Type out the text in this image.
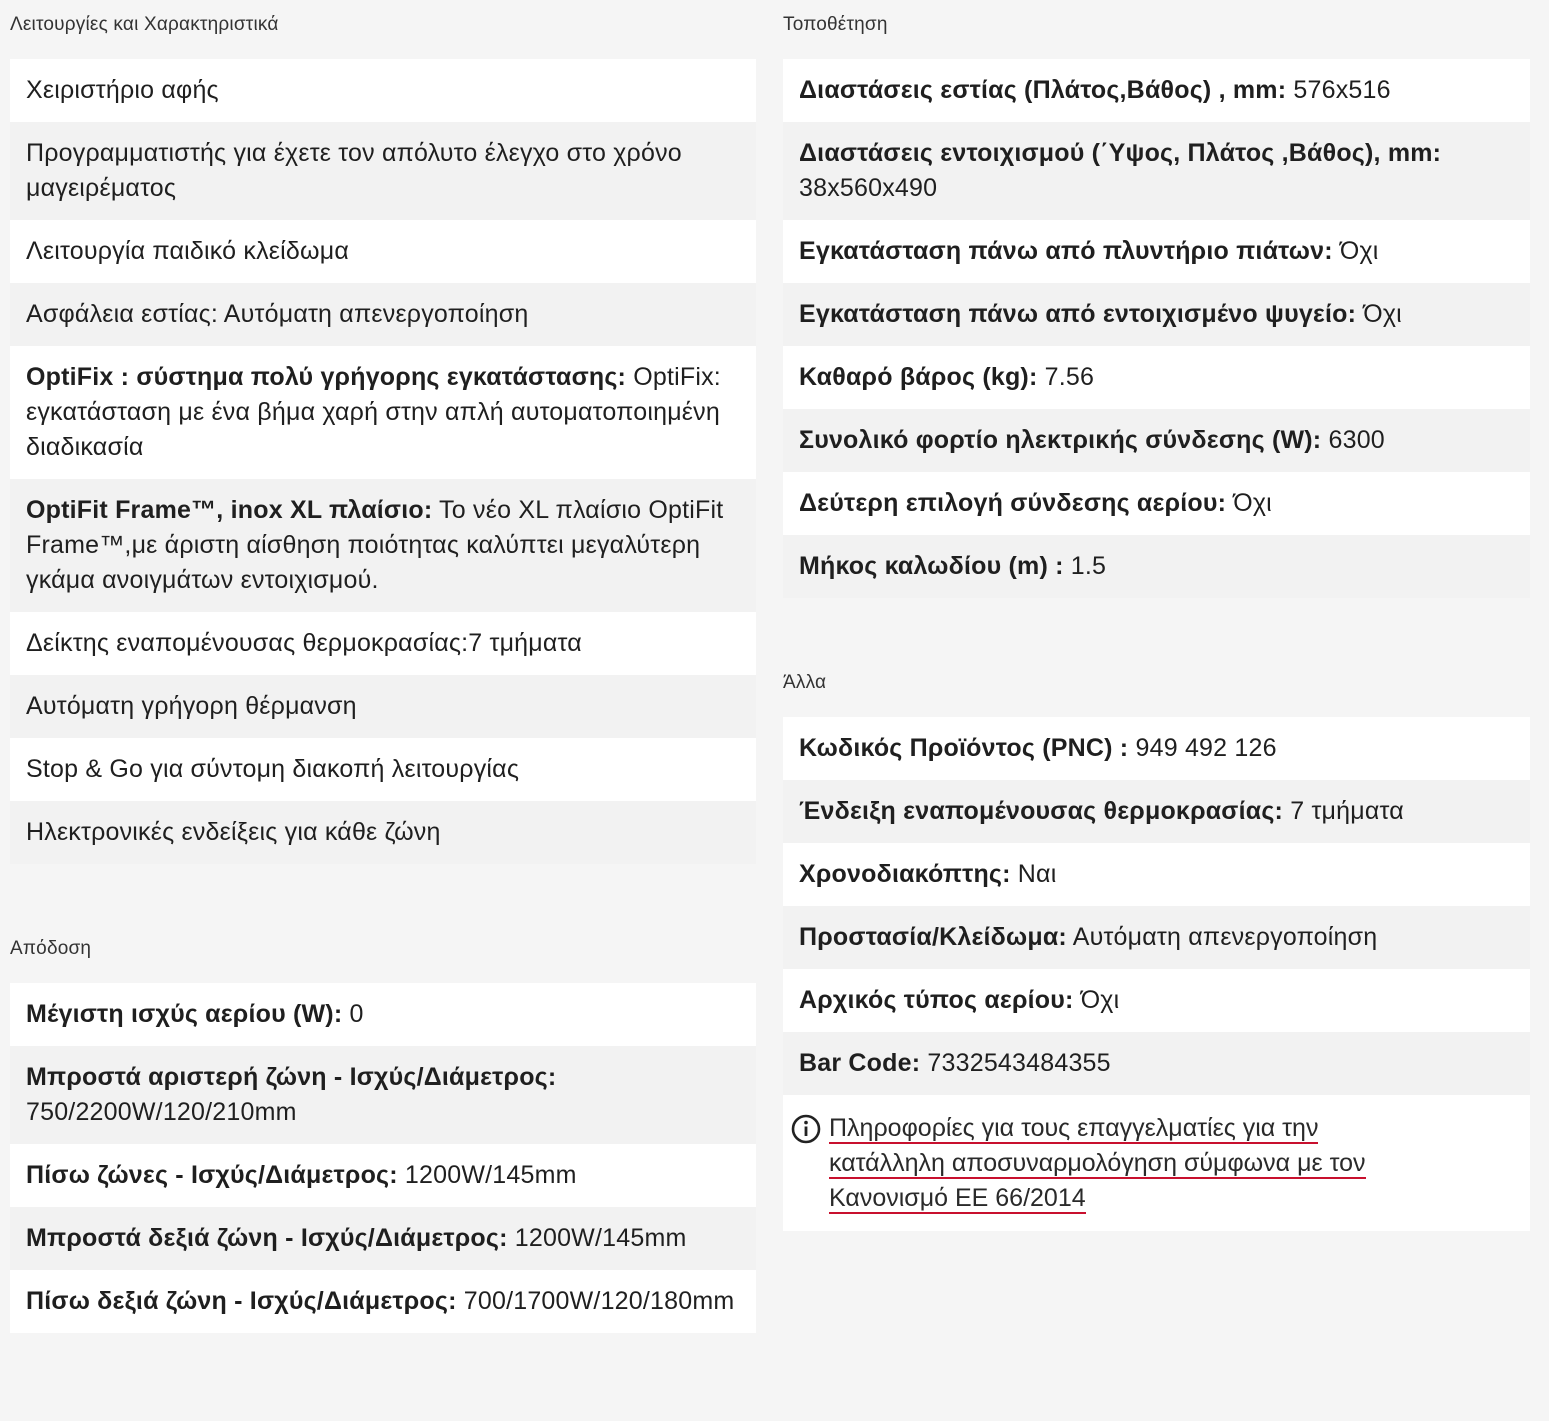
Λειτουργίες και Χαρακτηριστικά
Χειριστήριο αφής
Προγραμματιστής για έχετε τον απόλυτο έλεγχο στο χρόνο μαγειρέματος
Λειτουργία παιδικό κλείδωμα
Ασφάλεια εστίας: Αυτόματη απενεργοποίηση
OptiFix : σύστημα πολύ γρήγορης εγκατάστασης: OptiFix: εγκατάσταση με ένα βήμα χαρή στην απλή αυτοματοποιημένη διαδικασία
OptiFit Frame™, inox XL πλαίσιο: Το νέο XL πλαίσιο OptiFit Frame™,με άριστη αίσθηση ποιότητας καλύπτει μεγαλύτερη γκάμα ανοιγμάτων εντοιχισμού.
Δείκτης εναπομένουσας θερμοκρασίας:7 τμήματα
Αυτόματη γρήγορη θέρμανση
Stop & Go για σύντομη διακοπή λειτουργίας
Ηλεκτρονικές ενδείξεις για κάθε ζώνη
Απόδοση
Μέγιστη ισχύς αερίου (W): 0
Μπροστά αριστερή ζώνη - Ισχύς/Διάμετρος: 750/2200W/120/210mm
Πίσω ζώνες - Ισχύς/Διάμετρος: 1200W/145mm
Μπροστά δεξιά ζώνη - Ισχύς/Διάμετρος: 1200W/145mm
Πίσω δεξιά ζώνη - Ισχύς/Διάμετρος: 700/1700W/120/180mm
Τοποθέτηση
Διαστάσεις εστίας (Πλάτος,Βάθος) , mm: 576x516
Διαστάσεις εντοιχισμού (΄Υψος, Πλάτος ,Βάθος), mm: 38x560x490
Εγκατάσταση πάνω από πλυντήριο πιάτων: Όχι
Εγκατάσταση πάνω από εντοιχισμένο ψυγείο: Όχι
Καθαρό βάρος (kg): 7.56
Συνολικό φορτίο ηλεκτρικής σύνδεσης (W): 6300
Δεύτερη επιλογή σύνδεσης αερίου: Όχι
Μήκος καλωδίου (m) : 1.5
Άλλα
Κωδικός Προϊόντος (PNC) : 949 492 126
Ένδειξη εναπομένουσας θερμοκρασίας: 7 τμήματα
Χρονοδιακόπτης: Ναι
Προστασία/Κλείδωμα: Αυτόματη απενεργοποίηση
Αρχικός τύπος αερίου: Όχι
Bar Code: 7332543484355
Πληροφορίες για τους επαγγελματίες για την
κατάλληλη αποσυναρμολόγηση σύμφωνα με τον
Κανονισμό ΕΕ 66/2014
